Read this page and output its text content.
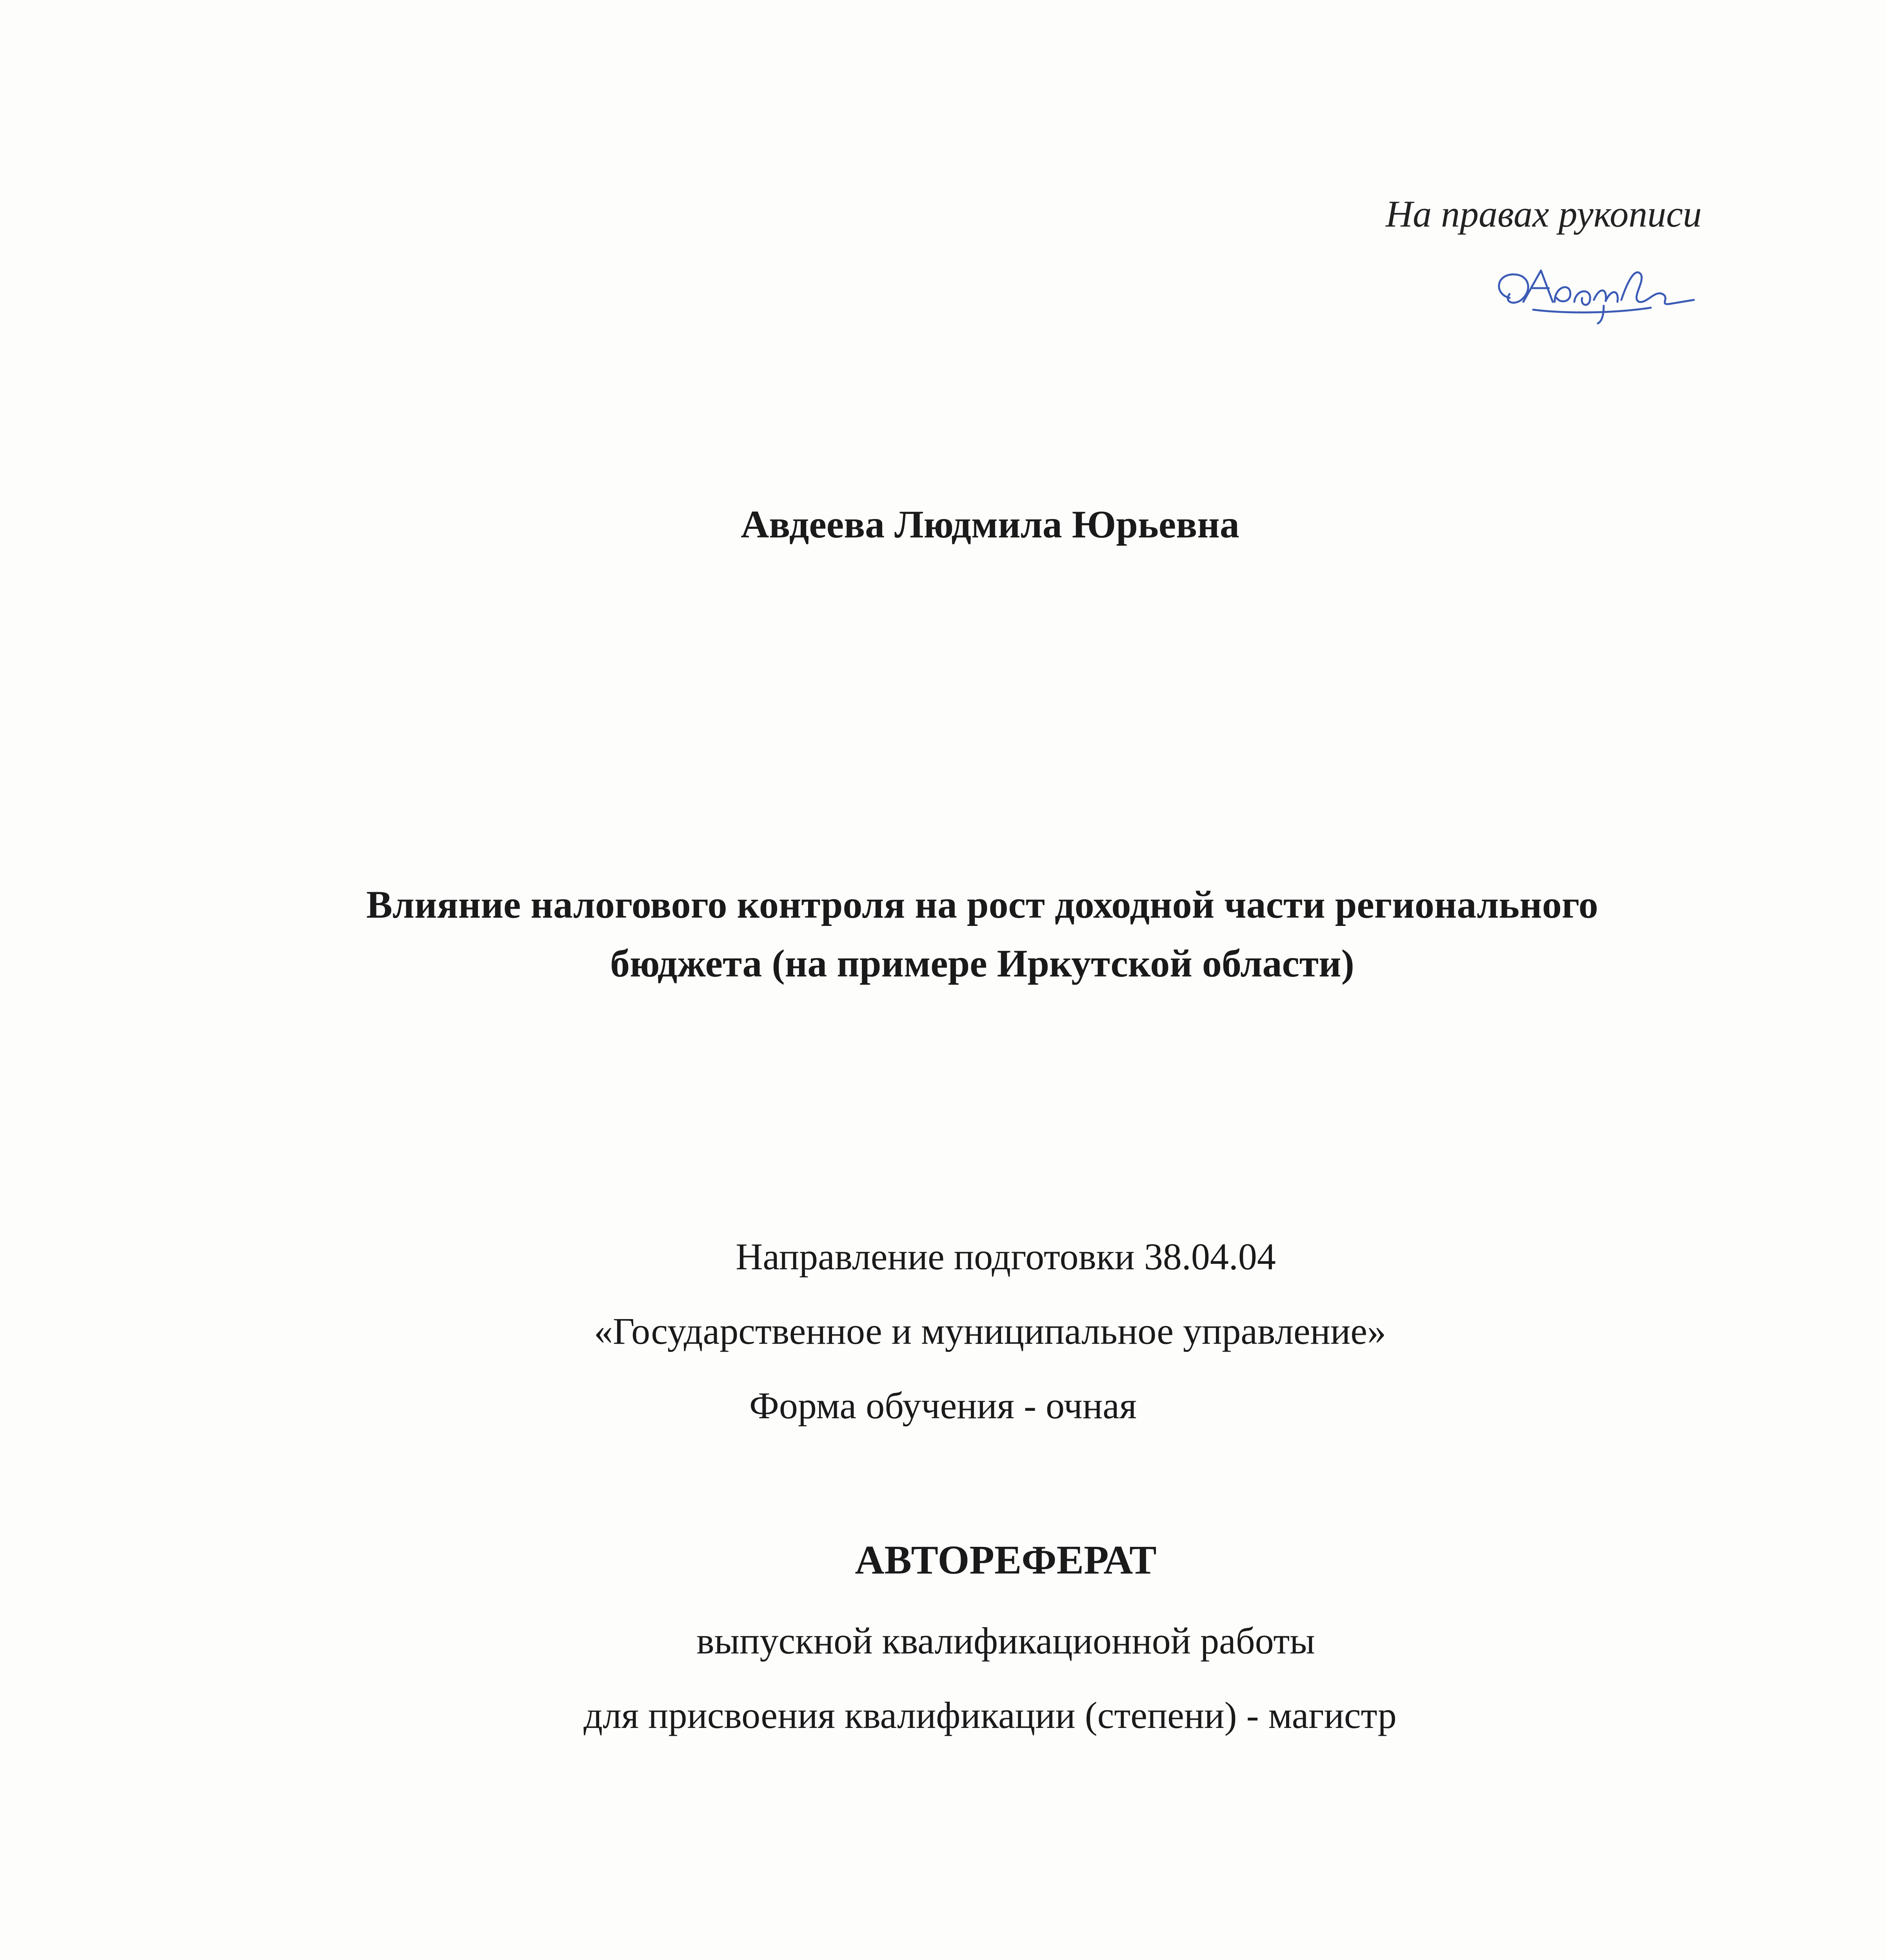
На правах рукописи
Авдеева Людмила Юрьевна
Влияние налогового контроля на рост доходной части регионального
бюджета (на примере Иркутской области)
Направление подготовки 38.04.04
«Государственное и муниципальное управление»
Форма обучения - очная
АВТОРЕФЕРАТ
выпускной квалификационной работы
для присвоения квалификации (степени) - магистр
